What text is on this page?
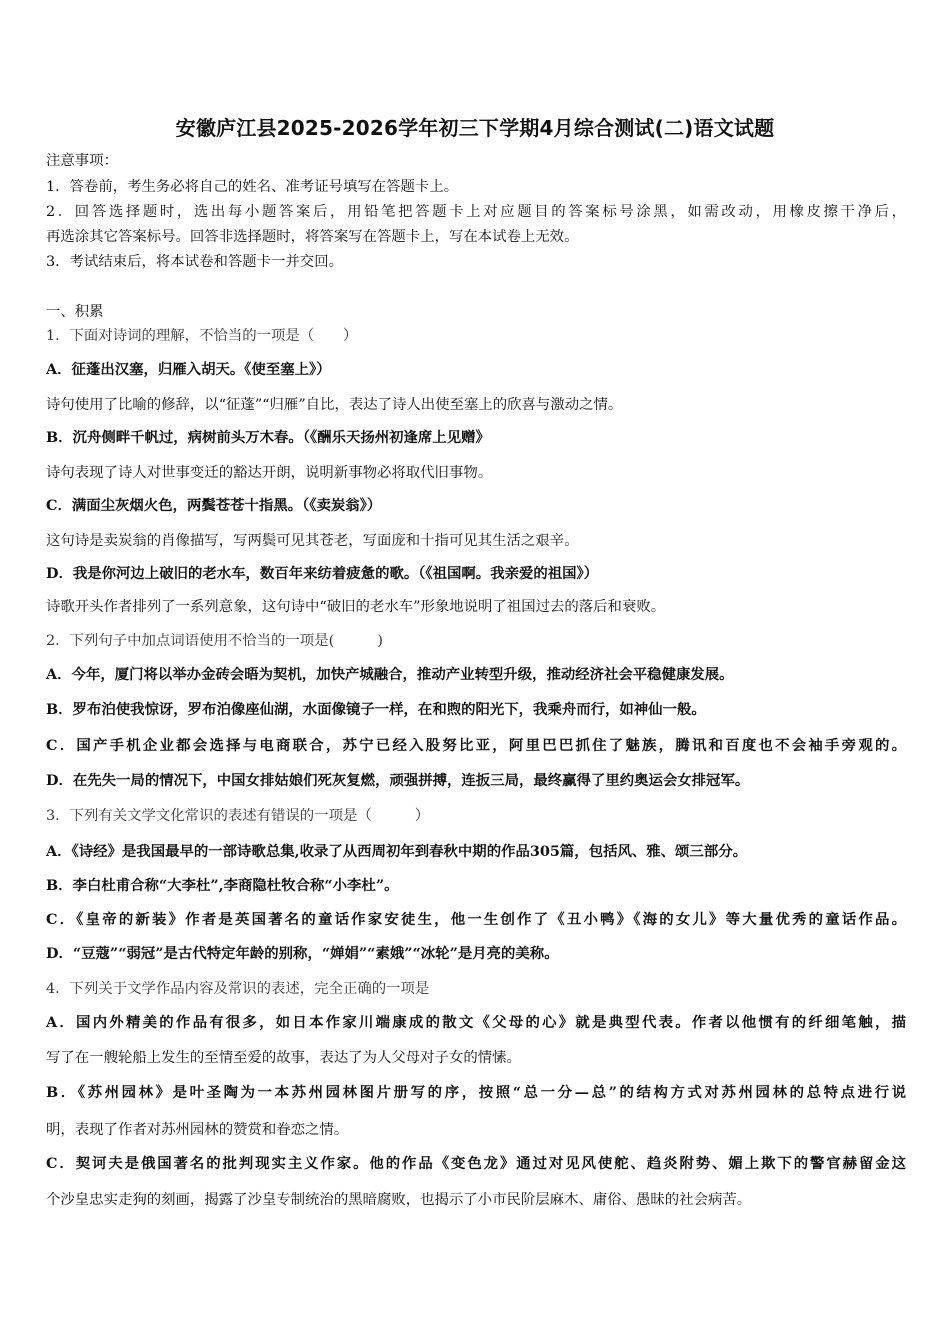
安徽庐江县2025-2026学年初三下学期4月综合测试(二)语文试题
注意事项：
1．答卷前，考生务必将自己的姓名、准考证号填写在答题卡上。
2．回答选择题时，选出每小题答案后，用铅笔把答题卡上对应题目的答案标号涂黑，如需改动，用橡皮擦干净后，
再选涂其它答案标号。回答非选择题时，将答案写在答题卡上，写在本试卷上无效。
3．考试结束后，将本试卷和答题卡一并交回。
一、积累
1．下面对诗词的理解，不恰当的一项是（　　）
A．征蓬出汉塞，归雁入胡天。《使至塞上》）
诗句使用了比喻的修辞，以“征蓬”“归雁”自比，表达了诗人出使至塞上的欣喜与激动之情。
B．沉舟侧畔千帆过，病树前头万木春。（《酬乐天扬州初逢席上见赠》
诗句表现了诗人对世事变迁的豁达开朗，说明新事物必将取代旧事物。
C．满面尘灰烟火色，两鬓苍苍十指黑。（《卖炭翁》）
这句诗是卖炭翁的肖像描写，写两鬓可见其苍老，写面庞和十指可见其生活之艰辛。
D．我是你河边上破旧的老水车，数百年来纺着疲惫的歌。（《祖国啊。我亲爱的祖国》）
诗歌开头作者排列了一系列意象，这句诗中“破旧的老水车”形象地说明了祖国过去的落后和衰败。
2．下列句子中加点词语使用不恰当的一项是(　　　)
A．今年，厦门将以举办金砖会晤为契机，加快产城融合，推动产业转型升级，推动经济社会平稳健康发展。
B．罗布泊使我惊讶，罗布泊像座仙湖，水面像镜子一样，在和煦的阳光下，我乘舟而行，如神仙一般。
C．国产手机企业都会选择与电商联合，苏宁已经入股努比亚，阿里巴巴抓住了魅族，腾讯和百度也不会袖手旁观的。
D．在先失一局的情况下，中国女排姑娘们死灰复燃，顽强拼搏，连扳三局，最终赢得了里约奥运会女排冠军。
3．下列有关文学文化常识的表述有错误的一项是（　　　）
A．《诗经》是我国最早的一部诗歌总集,收录了从西周初年到春秋中期的作品305篇，包括风、雅、颂三部分。
B．李白杜甫合称“大李杜”,李商隐杜牧合称“小李杜”。
C．《皇帝的新装》作者是英国著名的童话作家安徒生，他一生创作了《丑小鸭》《海的女儿》等大量优秀的童话作品。
D．“豆蔻”“弱冠”是古代特定年龄的别称，“婵娟”“素娥”“冰轮”是月亮的美称。
4．下列关于文学作品内容及常识的表述，完全正确的一项是
A．国内外精美的作品有很多，如日本作家川端康成的散文《父母的心》就是典型代表。作者以他惯有的纤细笔触，描
写了在一艘轮船上发生的至情至爱的故事，表达了为人父母对子女的情愫。
B．《苏州园林》是叶圣陶为一本苏州园林图片册写的序，按照“总一分—总”的结构方式对苏州园林的总特点进行说
明，表现了作者对苏州园林的赞赏和眷恋之情。
C．契诃夫是俄国著名的批判现实主义作家。他的作品《变色龙》通过对见风使舵、趋炎附势、媚上欺下的警官赫留金这
个沙皇忠实走狗的刻画，揭露了沙皇专制统治的黑暗腐败，也揭示了小市民阶层麻木、庸俗、愚昧的社会病苦。
